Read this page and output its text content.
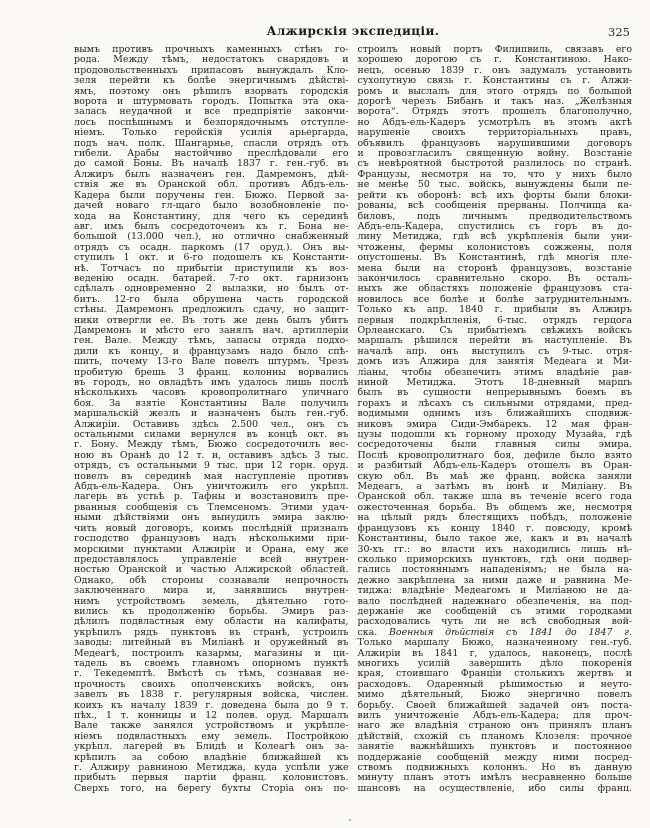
Алжирскія экспедиціи.	325
вымъ противъ прочныхъ каменныхъ стѣнъ го-
рода. Между тѣмъ, недостатокъ снарядовъ и
продовольственныхъ припасовъ вынуждалъ Кло-
зеля перейти къ болѣе энергичнымъ дѣйстві-
ямъ, поэтому онъ рѣшилъ взорвать городскія
ворота и штурмовать городъ. Попытка эта ока-
залась неудачной и все предпріятіе закончи-
лось поспѣшнымъ и безпорядочнымъ отступле-
ніемъ. Только геройскія усилія арьергарда,
подъ нач. полк. Шангарнье, спасли отрядъ отъ
гибели. Арабы настойчиво преслѣдовали его
до самой Боны. Въ началѣ 1837 г. ген.-губ. въ
Алжиръ былъ назначенъ ген. Дамремонъ, дѣй-
ствія же въ Оранской обл. противъ Абдъ-ель-
Кадера были поручены ген. Бюжо. Первой за-
дачей новаго гл-щаго было возобновленіе по-
хода на Константину, для чего къ серединѣ
авг. имъ былъ сосредоточенъ къ г. Бона не-
большой (13.000 чел.), но отлично снабженный
отрядъ съ осадн. паркомъ (17 оруд.). Онъ вы-
ступилъ 1 окт. и 6-го подошелъ къ Константи-
нѣ. Тотчасъ по прибытіи приступили къ воз-
веденію осадн. батарей. 7-го окт. гарнизонъ
сдѣлалъ одновременно 2 вылазки, но былъ от-
битъ. 12-го была обрушена часть городской
стѣны. Дамремонъ предложилъ сдачу, но защит-
ники отвергли ее. Въ тотъ же день былъ убитъ
Дамремонъ и мѣсто его занялъ нач. артиллеріи
ген. Вале. Между тѣмъ, запасы отряда подхо-
дили къ концу, и французамъ надо было спѣ-
шить, почему 13-го Вале повелъ штурмъ. Чрезъ
пробитую брешь 3 франц. колонны ворвались
въ городъ, но овладѣть имъ удалось лишь послѣ
нѣсколькихъ часовъ кровопролитнаго уличнаго
боя. За взятіе Константины Вале получилъ
маршальскій жезлъ и назначенъ былъ ген.-губ.
Алжиріи. Оставивъ здѣсь 2.500 чел., онъ съ
остальными силами вернулся въ концѣ окт. въ
г. Бону. Между тѣмъ, Бюжо сосредоточилъ вес-
ною въ Оранѣ до 12 т. и, оставивъ здѣсь 3 тыс.
отрядъ, съ остальными 9 тыс. при 12 горн. оруд.
повелъ въ серединѣ мая наступленіе противъ
Абдъ-ель-Кадера. Онъ уничтожилъ его укрѣпл.
лагерь въ устьѣ р. Тафны и возстановилъ пре-
рванныя сообщенія съ Тлемсеномъ. Этими удач-
ными дѣйствіями онъ вынудилъ эмира заклю-
чить новый договоръ, коимъ послѣдній призналъ
господство французовъ надъ нѣсколькими при-
морскими пунктами Алжиріи и Орана, ему же
предоставлялось управленіе всей внутрен-
ностью Оранской и частью Алжирской областей.
Однако, обѣ стороны сознавали непрочность
заключеннаго мира и, занявшись внутрен-
нимъ устройствомъ земель, дѣятельно гото-
вились къ продолженію борьбы. Эмиръ раз-
дѣлилъ подвластныя ему области на калифаты,
укрѣпилъ рядъ пунктовъ въ странѣ, устроилъ
заводы: литейный въ Миліанѣ и оружейный въ
Медеагѣ, построилъ казармы, магазины и ци-
тадель въ своемъ главномъ опорномъ пунктѣ
г. Текедемптѣ. Вмѣстѣ съ тѣмъ, сознавая не-
прочность своихъ ополченскихъ войскъ, онъ
завелъ въ 1838 г. регулярныя войска, числен.
коихъ къ началу 1839 г. доведена была до 9 т.
пѣх., 1 т. конницы и 12 полев. оруд. Маршалъ
Вале также занялся устройствомъ и укрѣпле-
ніемъ подвластныхъ ему земель. Постройкою
укрѣпл. лагерей въ Блидѣ и Колеагѣ онъ за-
крѣпилъ за собою владѣніе ближайшей къ
г. Алжиру равниною Метиджа, куда успѣли уже
прибыть первыя партіи франц. колонистовъ.
Сверхъ того, на берегу бухты Сторіа онъ по-
строилъ новый портъ Филипвиль, связавъ его
хорошею дорогою съ г. Константиною. Нако-
нецъ, осенью 1839 г. онъ задумалъ установить
сухопутную связь г. Константины съ г. Алжи-
ромъ и выслалъ для этого отрядъ по большой
дорогѣ черезъ Бибанъ и такъ наз. „Желѣзныя
ворота“. Отрядъ этотъ прошелъ благополучно,
но Абдъ-ель-Кадеръ усмотрѣлъ въ этомъ актѣ
нарушеніе своихъ территоріальныхъ правъ,
объявилъ французовъ нарушившими договоръ
и провозгласилъ священную войну. Возстаніе
съ невѣроятной быстротой разлилось по странѣ.
Французы, несмотря на то, что у нихъ было
не менѣе 50 тыс. войскъ, вынуждены были пе-
рейти къ оборонѣ: всѣ ихъ форты были блоки-
рованы, всѣ сообщенія прерваны. Полчища ка-
биловъ, подъ личнымъ предводительствомъ
Абдъ-ель-Кадера, спустились съ горъ въ до-
лину Метиджа, гдѣ всѣ укрѣпленія были уни-
чтожены, фермы колонистовъ сожжены, поля
опустошены. Въ Константинѣ, гдѣ многія пле-
мена были на сторонѣ французовъ, возстаніе
закончилось сравнительно скоро. Въ осталь-
ныхъ же областяхъ положеніе французовъ ста-
новилось все болѣе и болѣе затруднительнымъ.
Только къ апр. 1840 г. прибыли въ Алжиръ
первыя подкрѣпленія, 6-тыс. отрядъ герцога
Орлеанскаго. Съ прибытіемъ свѣжихъ войскъ
маршалъ рѣшился перейти въ наступленіе. Въ
началѣ апр. онъ выступилъ съ 9-тыс. отря-
домъ изъ Алжира для занятія Медеага и Ми-
ліаны, чтобы обезпечить этимъ владѣніе рав-
ниной Метиджа. Этотъ 18-дневный маршъ
былъ въ сущности непрерывнымъ боемъ въ
горахъ и лѣсахъ съ сильными отрядами, пред-
водимыми однимъ изъ ближайшихъ сподвиж-
никовъ эмира Сиди-Эмбарекъ. 12 мая фран-
цузы подошли къ горному проходу Музайа, гдѣ
сосредоточены были главныя силы эмира.
Послѣ кровопролитнаго боя, дефиле было взято
и разбитый Абдъ-ель-Кадеръ отошелъ въ Оран-
скую обл. Въ маѣ же франц. войска заняли
Медеагъ, а затѣмъ въ іюнѣ и Миліану. Въ
Оранской обл. также шла въ теченіе всего года
ожесточенная борьба. Въ общемъ же, несмотря
на цѣлый рядъ блестящихъ побѣдъ, положеніе
французовъ къ концу 1840 г. повсюду, кромѣ
Константины, было такое же, какъ и въ началѣ
30-хъ гг.: во власти ихъ находились лишь нѣ-
сколько приморскихъ пунктовъ, гдѣ они подвер-
гались постояннымъ нападеніямъ; не была на-
дежно закрѣплена за ними даже и равнина Ме-
тиджа: владѣніе Медеагомъ и Миліаною не да-
вало послѣдней надежнаго обезпеченія, на под-
держаніе же сообщеній съ этими городками
расходовались чуть ли не всѣ свободныя вой-
ска. Военныя дѣйствія съ 1841 до 1847 г.
Только маршалу Бюжо, назначенному ген.-губ.
Алжиріи въ 1841 г, удалось, наконецъ, послѣ
многихъ усилій завершить дѣло покоренія
края, стоившаго Франціи столькихъ жертвъ и
расходовъ. Одаренный рѣшимостью и неуто-
мимо дѣятельный, Бюжо энергично повелъ
борьбу. Своей ближайшей задачей онъ поста-
вилъ уничтоженіе Абдъ-ель-Кадера; для проч-
наго же владѣнія страною онъ принялъ планъ
дѣйствій, схожій съ планомъ Клозеля: прочное
занятіе важнѣйшихъ пунктовъ и постоянное
поддержаніе сообщеній между ними посред-
ствомъ подвижныхъ колоннъ. Но въ данную
минуту планъ этотъ имѣлъ несравненно больше
шансовъ на осуществленіе, ибо силы франц.
